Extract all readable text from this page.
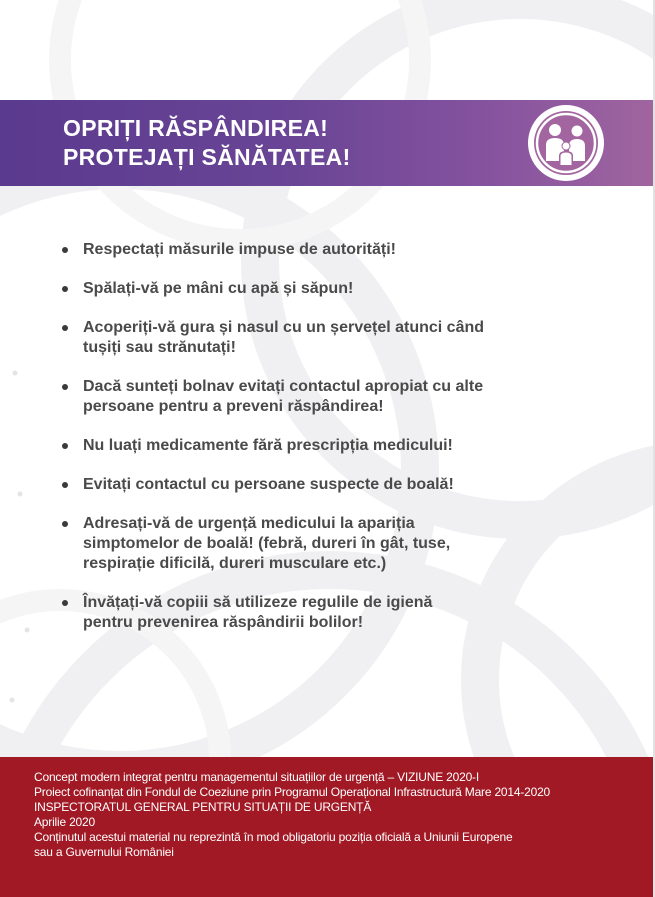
OPRIȚI RĂSPÂNDIREA!
PROTEJAȚI SĂNĂTATEA!
Respectați măsurile impuse de autorități!
Spălați-vă pe mâni cu apă și săpun!
Acoperiți-vă gura și nasul cu un șervețel atunci când
tușiți sau strănutați!
Dacă sunteți bolnav evitați contactul apropiat cu alte
persoane pentru a preveni răspândirea!
Nu luați medicamente fără prescripția medicului!
Evitați contactul cu persoane suspecte de boală!
Adresați-vă de urgență medicului la apariția
simptomelor de boală! (febră, dureri în gât, tuse,
respirație dificilă, dureri musculare etc.)
Învățați-vă copiii să utilizeze regulile de igienă
pentru prevenirea răspândirii bolilor!
Concept modern integrat pentru managementul situațiilor de urgență – VIZIUNE 2020-I
Proiect cofinanțat din Fondul de Coeziune prin Programul Operațional Infrastructură Mare 2014-2020
INSPECTORATUL GENERAL PENTRU SITUAȚII DE URGENȚĂ
Aprilie 2020
Conținutul acestui material nu reprezintă în mod obligatoriu poziția oficială a Uniunii Europene
sau a Guvernului României
